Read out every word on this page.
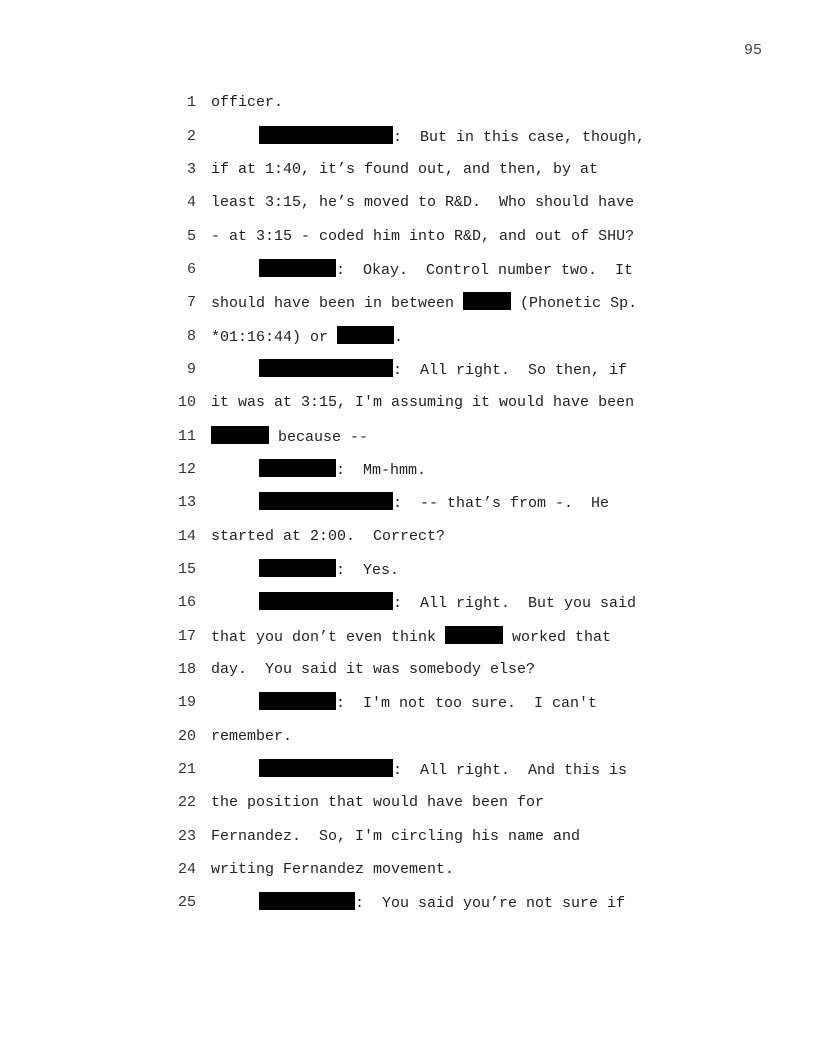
95
1 officer.
2	:  But in this case, though,
3 if at 1:40, it’s found out, and then, by at
4 least 3:15, he’s moved to R&D.  Who should have
5 - at 3:15 - coded him into R&D, and out of SHU?
6	:  Okay.  Control number two.  It
7 should have been in between	(Phonetic Sp.
8 *01:16:44) or	.
9	:  All right.  So then, if
10 it was at 3:15, I'm assuming it would have been
11	because --
12	:  Mm-hmm.
13	:  -- that’s from -.  He
14 started at 2:00.  Correct?
15	:  Yes.
16	:  All right.  But you said
17 that you don’t even think	worked that
18 day.  You said it was somebody else?
19	:  I'm not too sure.  I can't
20 remember.
21	:  All right.  And this is
22 the position that would have been for
23 Fernandez.  So, I'm circling his name and
24 writing Fernandez movement.
25	:  You said you’re not sure if
